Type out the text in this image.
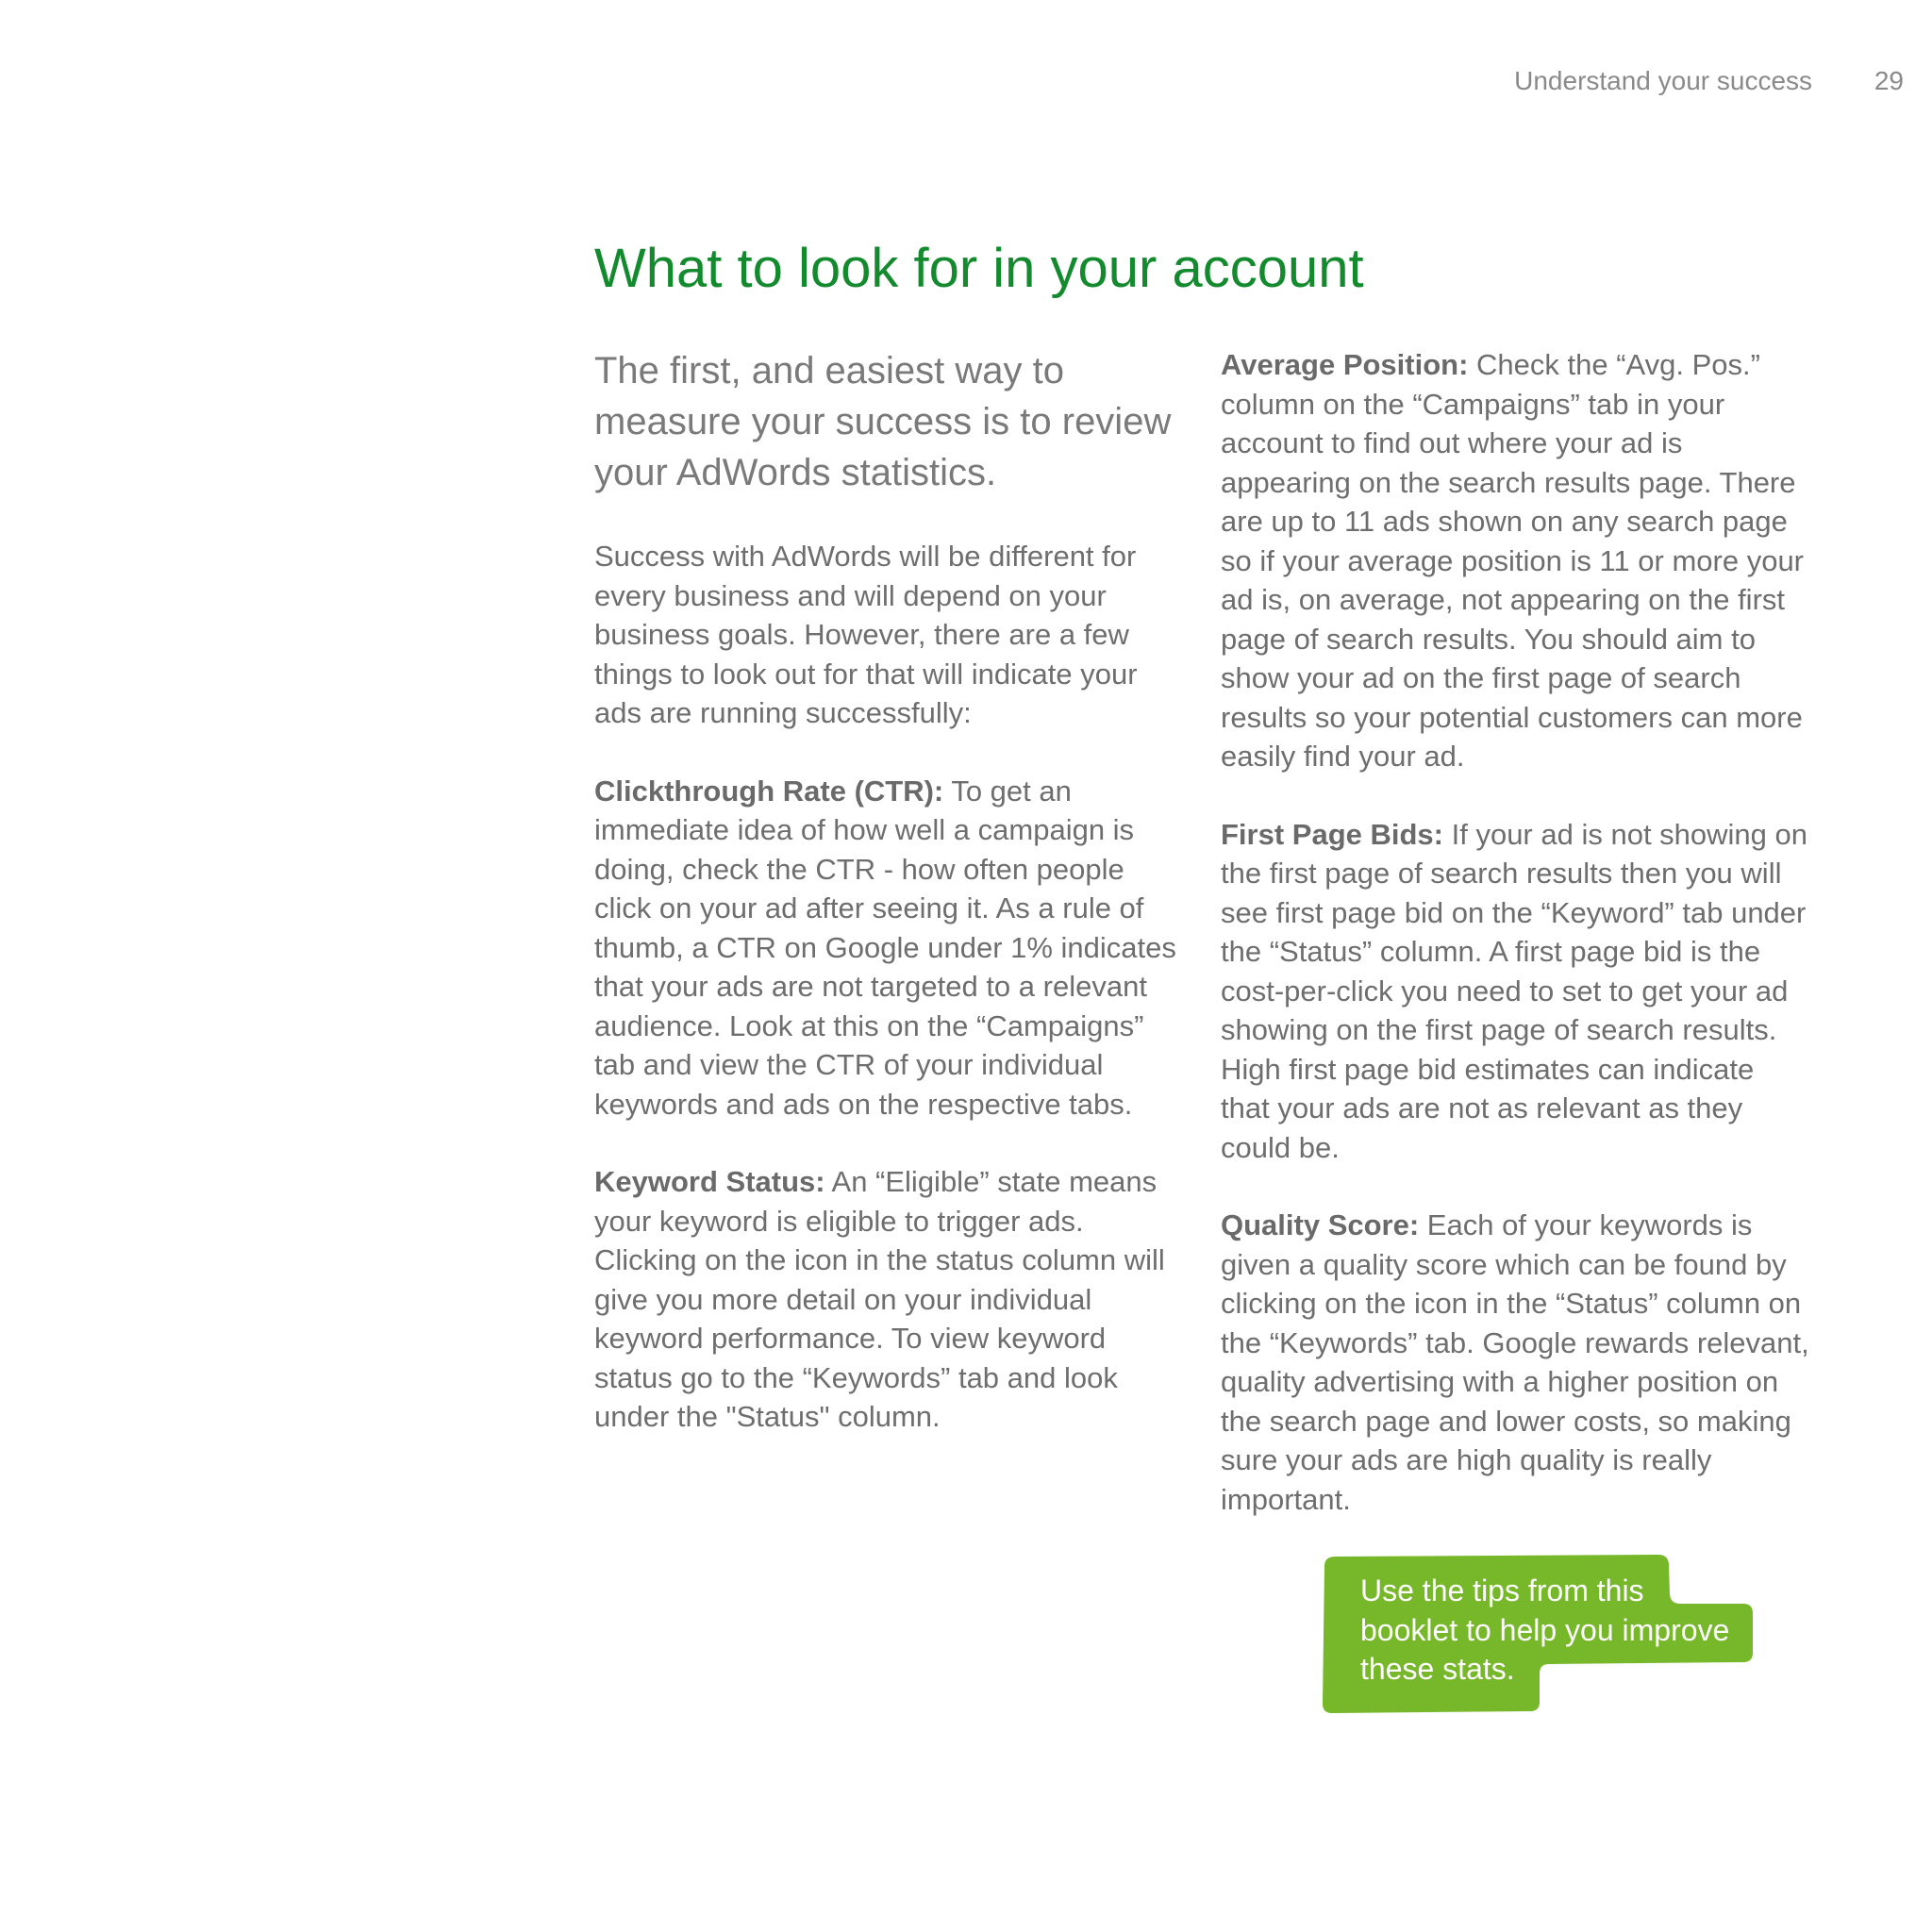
Understand your success 29
What to look for in your account

The first, and easiest way to measure your success is to review your AdWords statistics.

Success with AdWords will be different for every business and will depend on your business goals. However, there are a few things to look out for that will indicate your ads are running successfully:

Clickthrough Rate (CTR): To get an immediate idea of how well a campaign is doing, check the CTR - how often people click on your ad after seeing it. As a rule of thumb, a CTR on Google under 1% indicates that your ads are not targeted to a relevant audience. Look at this on the “Campaigns” tab and view the CTR of your individual keywords and ads on the respective tabs.

Keyword Status: An “Eligible” state means your keyword is eligible to trigger ads. Clicking on the icon in the status column will give you more detail on your individual keyword performance. To view keyword status go to the “Keywords” tab and look under the "Status" column.

Average Position: Check the “Avg. Pos.” column on the “Campaigns” tab in your account to find out where your ad is appearing on the search results page. There are up to 11 ads shown on any search page so if your average position is 11 or more your ad is, on average, not appearing on the first page of search results. You should aim to show your ad on the first page of search results so your potential customers can more easily find your ad.

First Page Bids: If your ad is not showing on the first page of search results then you will see first page bid on the “Keyword” tab under the “Status” column. A first page bid is the cost-per-click you need to set to get your ad showing on the first page of search results. High first page bid estimates can indicate that your ads are not as relevant as they could be.

Quality Score: Each of your keywords is given a quality score which can be found by clicking on the icon in the “Status” column on the “Keywords” tab. Google rewards relevant, quality advertising with a higher position on the search page and lower costs, so making sure your ads are high quality is really important.

Use the tips from this booklet to help you improve these stats.
